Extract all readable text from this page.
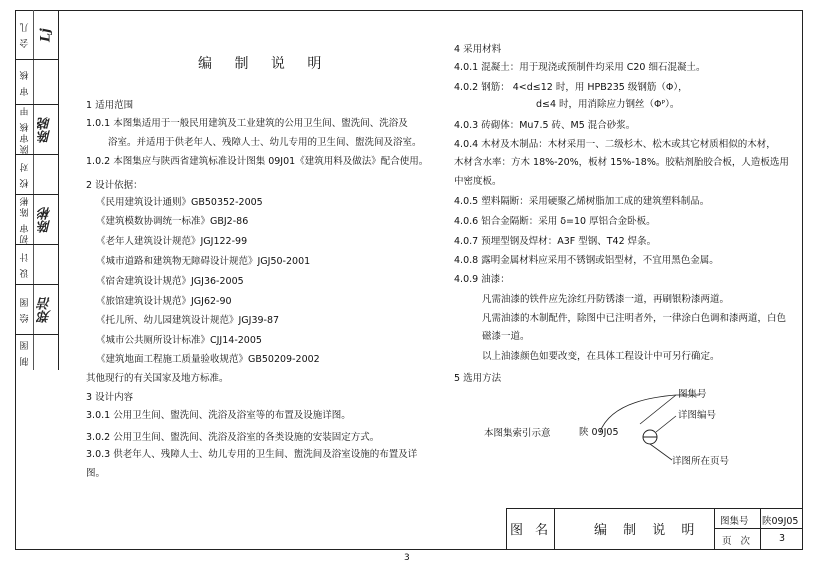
会 几 Lj
审 核
陕审核 甲 陈晓
校 对
初审 陈彬 陈彬
设 计
绘 图 郑洁
制 图
编 制 说 明
1 适用范围
1.0.1 本图集适用于一般民用建筑及工业建筑的公用卫生间、盥洗间、洗浴及
浴室。并适用于供老年人、残障人士、幼儿专用的卫生间、盥洗间及浴室。
1.0.2 本图集应与陕西省建筑标准设计图集 09J01《建筑用料及做法》配合使用。
2 设计依据：
《民用建筑设计通则》GB50352-2005
《建筑模数协调统一标准》GBJ2-86
《老年人建筑设计规范》JGJ122-99
《城市道路和建筑物无障碍设计规范》JGJ50-2001
《宿舍建筑设计规范》JGJ36-2005
《旅馆建筑设计规范》JGJ62-90
《托儿所、幼儿园建筑设计规范》JGJ39-87
《城市公共厕所设计标准》CJJ14-2005
《建筑地面工程施工质量验收规范》GB50209-2002
其他现行的有关国家及地方标准。
3 设计内容
3.0.1 公用卫生间、盥洗间、洗浴及浴室等的布置及设施详图。
3.0.2 公用卫生间、盥洗间、洗浴及浴室的各类设施的安装固定方式。
3.0.3 供老年人、残障人士、幼儿专用的卫生间、盥洗间及浴室设施的布置及详
图。
4 采用材料
4.0.1 混凝土：用于现浇或预制件均采用 C20 细石混凝土。
4.0.2 钢筋： 4<d≤12 时，用 HPB235 级钢筋（Φ），
d≤4 时，用消除应力钢丝（Φᴾ）。
4.0.3 砖砌体：Mu7.5 砖、M5 混合砂浆。
4.0.4 木材及木制品：木材采用一、二级杉木、松木或其它材质相似的木材，
木材含水率：方木 18%-20%，板材 15%-18%。胶粘剂胎胶合板，人造板选用
中密度板。
4.0.5 塑料隔断：采用硬聚乙烯树脂加工成的建筑塑料制品。
4.0.6 铝合金隔断：采用 δ=10 厚铝合金卧板。
4.0.7 预埋型钢及焊材：A3F 型钢、T42 焊条。
4.0.8 露明金属材料应采用不锈钢或铝型材，不宜用黑色金属。
4.0.9 油漆：
凡需油漆的铁件应先涂红丹防锈漆一道，再刷银粉漆两道。
凡需油漆的木制配件，除图中已注明者外，一律涂白色调和漆两道，白色
磁漆一道。
以上油漆颜色如要改变，在具体工程设计中可另行确定。
5 选用方法
图集号
详图编号
详图所在页号
陕 09J05
本图集索引示意
图 名	编 制 说 明
图集号 陕09J05
页 次	3
3
